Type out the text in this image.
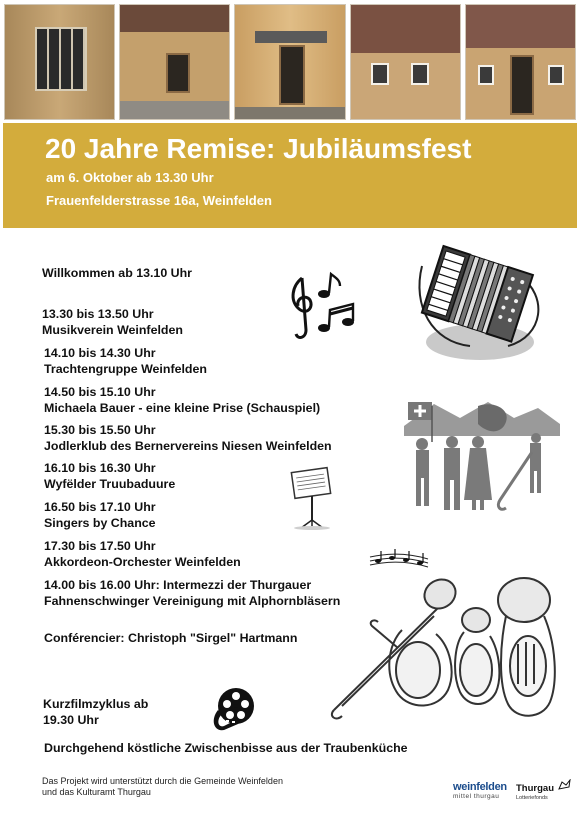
20 Jahre Remise: Jubiläumsfest
am 6. Oktober ab 13.30 Uhr
Frauenfelderstrasse 16a, Weinfelden
Willkommen ab 13.10 Uhr
13.30 bis 13.50 Uhr
Musikverein Weinfelden
14.10 bis 14.30 Uhr
Trachtengruppe Weinfelden
14.50 bis 15.10 Uhr
Michaela Bauer - eine kleine Prise (Schauspiel)
15.30 bis 15.50 Uhr
Jodlerklub des Bernervereins Niesen Weinfelden
16.10 bis 16.30 Uhr
Wyfëlder Truubaduure
16.50 bis 17.10 Uhr
Singers by Chance
17.30 bis 17.50 Uhr
Akkordeon-Orchester Weinfelden
14.00 bis 16.00 Uhr: Intermezzi der Thurgauer
Fahnenschwinger Vereinigung mit Alphornbläsern
Conférencier: Christoph "Sirgel" Hartmann
Kurzfilmzyklus ab
19.30 Uhr
Durchgehend köstliche Zwischenbisse aus der Traubenküche
Das Projekt wird unterstützt durch die Gemeinde Weinfelden
und das Kulturamt Thurgau	weinfelden
mittel thurgau
Thurgau
Lotteriefonds
